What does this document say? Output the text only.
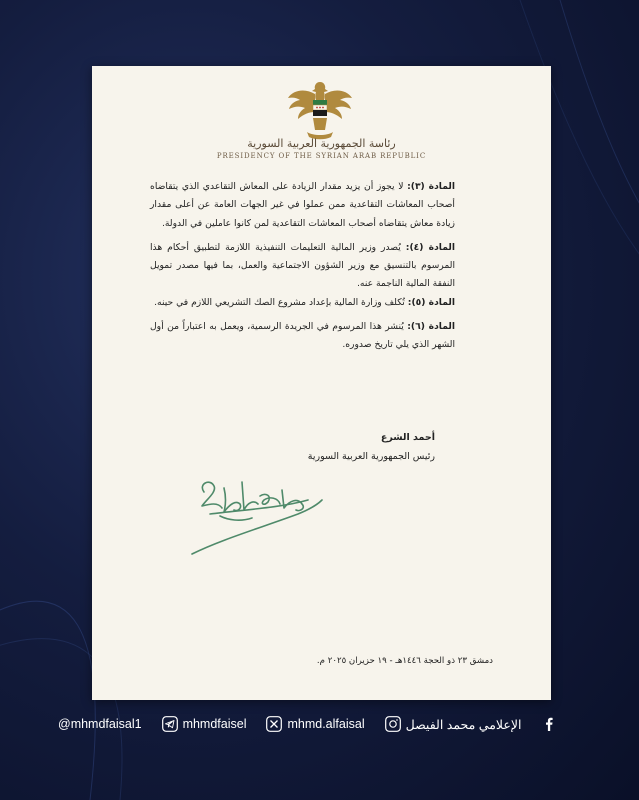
رئاسة الجمهورية العربية السورية
PRESIDENCY OF THE SYRIAN ARAB REPUBLIC

المادة (٣): لا يجوز أن يزيد مقدار الزيادة على المعاش التقاعدي الذي يتقاضاه أصحاب المعاشات التقاعدية ممن عملوا في غير الجهات العامة عن أعلى مقدار زيادة معاش يتقاضاه أصحاب المعاشات التقاعدية لمن كانوا عاملين في الدولة.

المادة (٤): يُصدر وزير المالية التعليمات التنفيذية اللازمة لتطبيق أحكام هذا المرسوم بالتنسيق مع وزير الشؤون الاجتماعية والعمل، بما فيها مصدر تمويل النفقة المالية الناجمة عنه.

المادة (٥): تُكلف وزارة المالية بإعداد مشروع الصك التشريعي اللازم في حينه.

المادة (٦): يُنشر هذا المرسوم في الجريدة الرسمية، ويعمل به اعتباراً من أول الشهر الذي يلي تاريخ صدوره.

أحمد الشرع
رئيس الجمهورية العربية السورية
دمشق ٢٣ ذو الحجة ١٤٤٦هـ - ١٩ حزيران ٢٠٢٥ م.
@mhmdfaisal1	mhmdfaisel	mhmd.alfaisal	الإعلامي محمد الفيصل
